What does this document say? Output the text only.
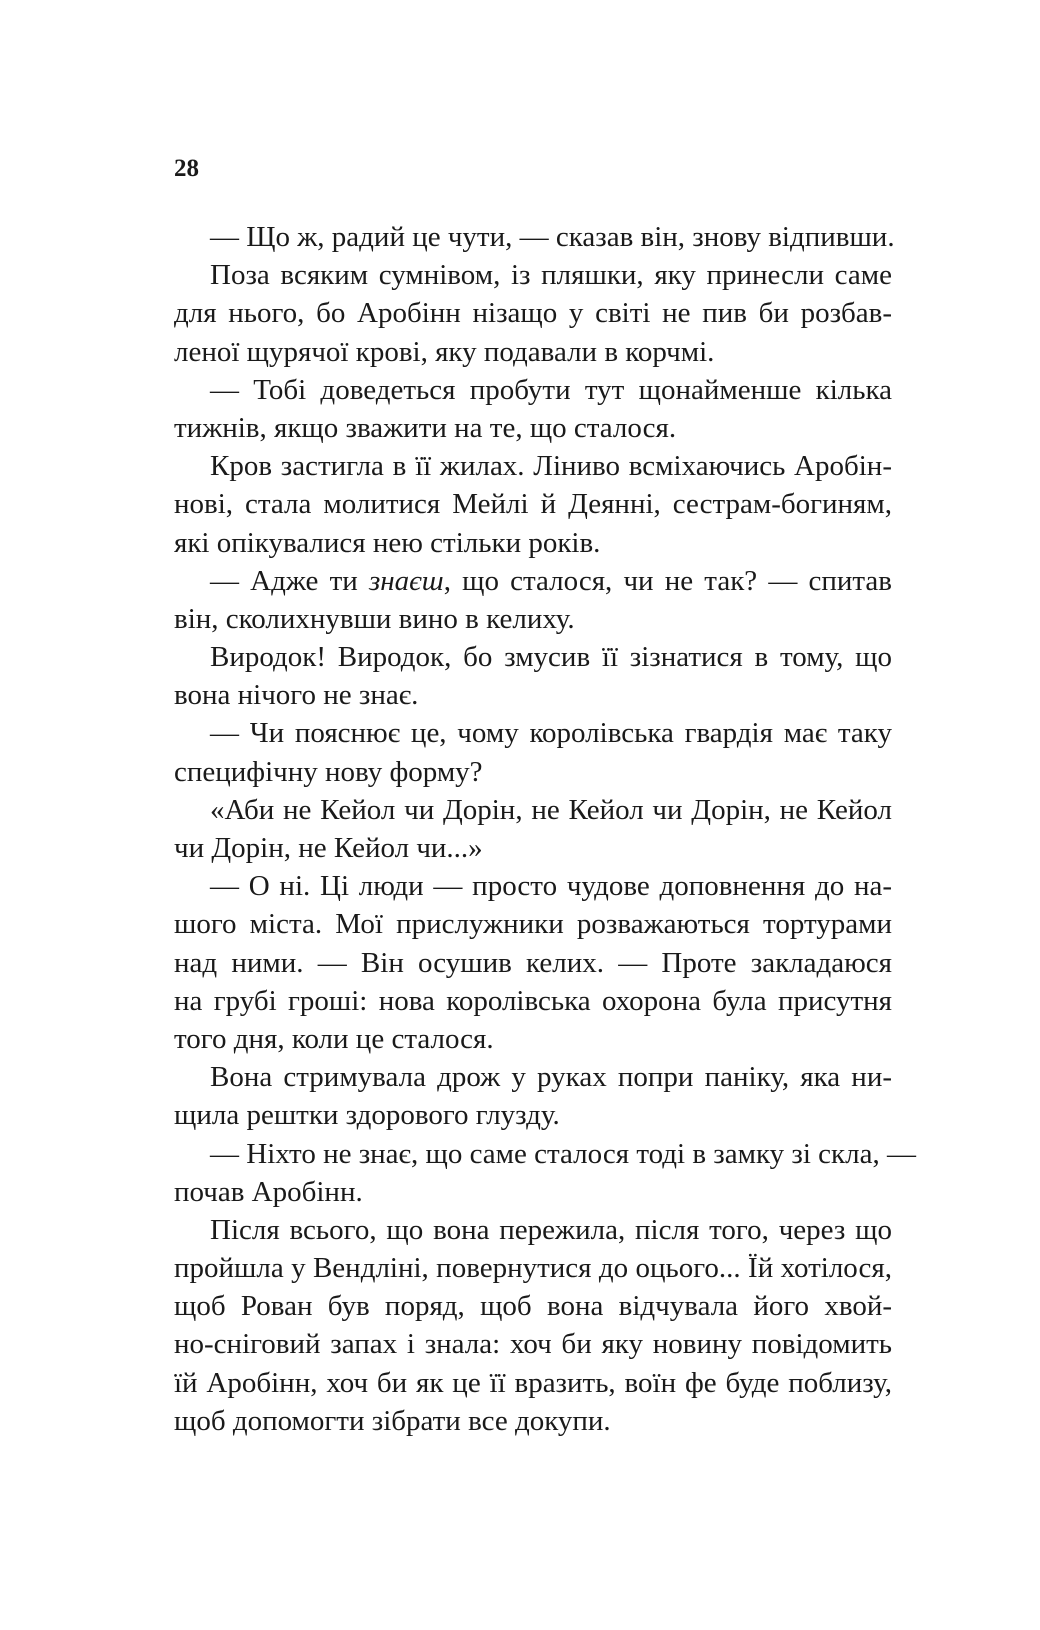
28
— Що ж, радий це чути, — сказав він, знову відпивши.
Поза всяким сумнівом, із пляшки, яку принесли саме
для нього, бо Аробінн нізащо у світі не пив би розбав-
леної щурячої крові, яку подавали в корчмі.
— Тобі доведеться пробути тут щонайменше кілька
тижнів, якщо зважити на те, що сталося.
Кров застигла в її жилах. Ліниво всміхаючись Аробін-
нові, стала молитися Мейлі й Деянні, сестрам-богиням,
які опікувалися нею стільки років.
— Адже ти знаєш, що сталося, чи не так? — спитав
він, сколихнувши вино в келиху.
Виродок! Виродок, бо змусив її зізнатися в тому, що
вона нічого не знає.
— Чи пояснює це, чому королівська гвардія має таку
специфічну нову форму?
«Аби не Кейол чи Дорін, не Кейол чи Дорін, не Кейол
чи Дорін, не Кейол чи...»
— О ні. Ці люди — просто чудове доповнення до на-
шого міста. Мої прислужники розважаються тортурами
над ними. — Він осушив келих. — Проте закладаюся
на грубі гроші: нова королівська охорона була присутня
того дня, коли це сталося.
Вона стримувала дрож у руках попри паніку, яка ни-
щила рештки здорового глузду.
— Ніхто не знає, що саме сталося тоді в замку зі скла, —
почав Аробінн.
Після всього, що вона пережила, після того, через що
пройшла у Вендліні, повернутися до оцього... Їй хотілося,
щоб Рован був поряд, щоб вона відчувала його хвой-
но-сніговий запах і знала: хоч би яку новину повідомить
їй Аробінн, хоч би як це її вразить, воїн фе буде поблизу,
щоб допомогти зібрати все докупи.
